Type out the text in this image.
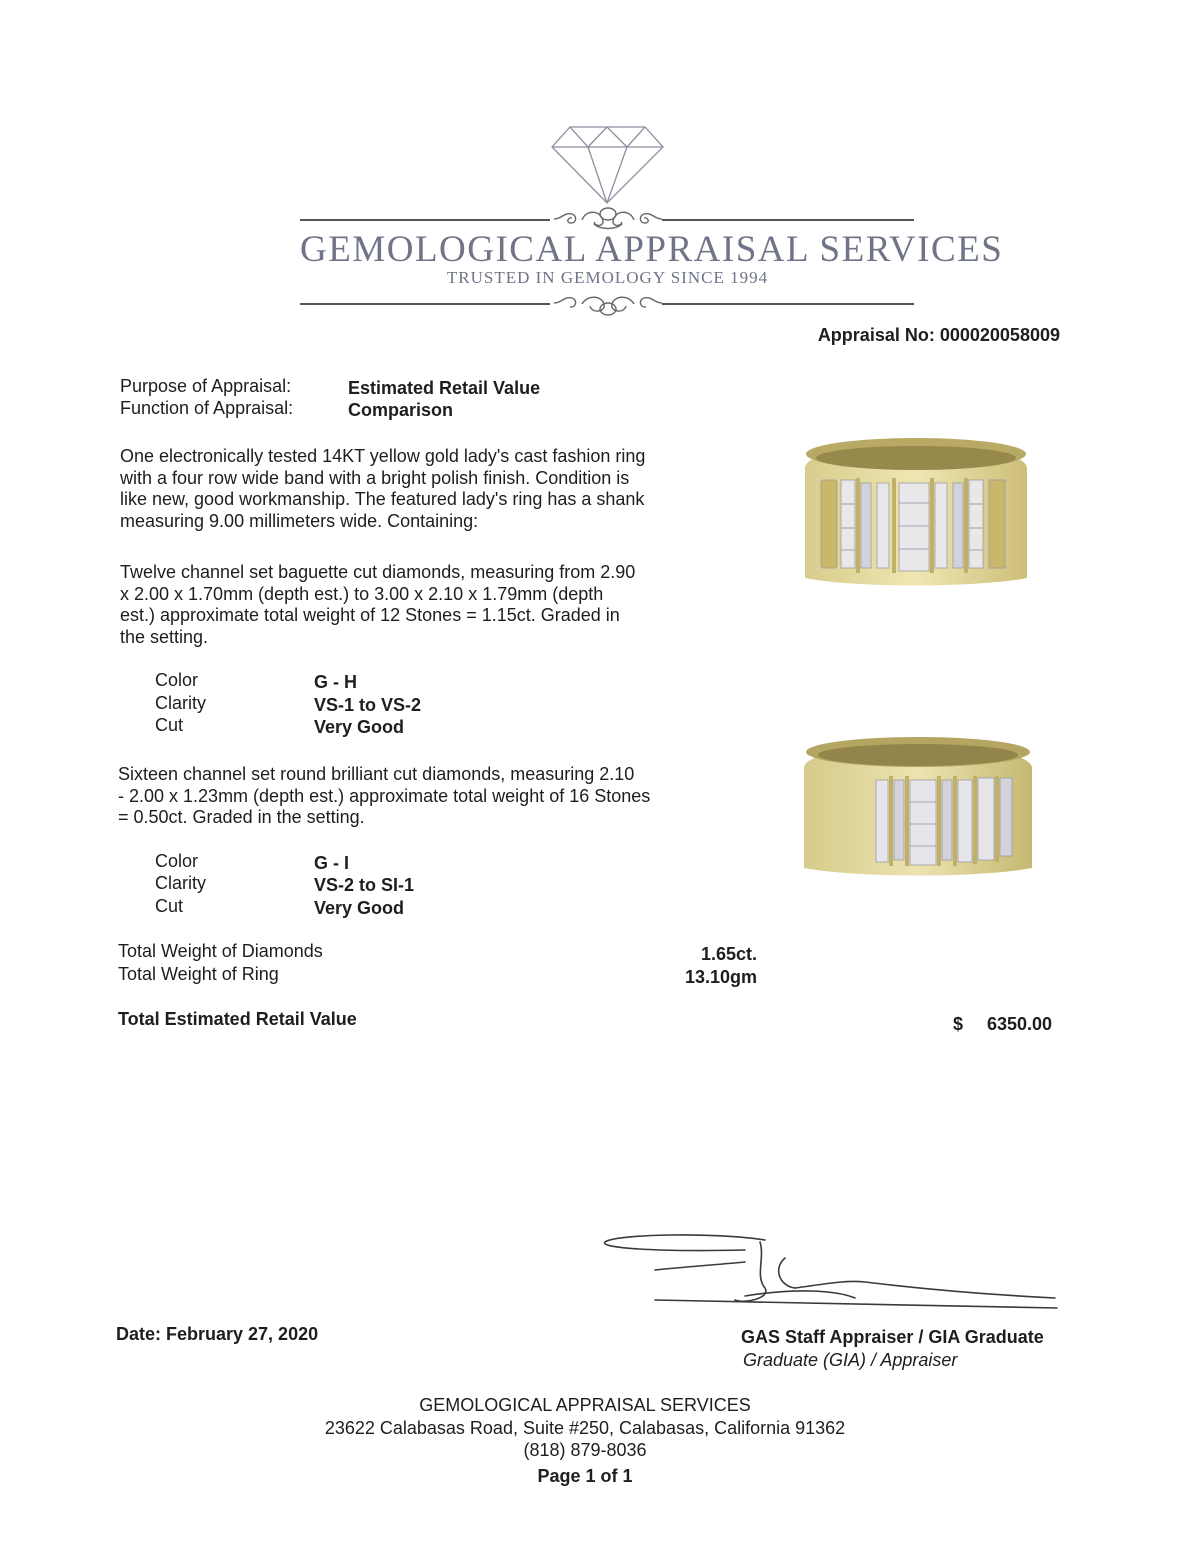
GEMOLOGICAL APPRAISAL SERVICES
TRUSTED IN GEMOLOGY SINCE 1994
Appraisal No: 000020058009
Purpose of Appraisal:	Estimated Retail Value
Function of Appraisal:	Comparison
One electronically tested 14KT yellow gold lady's cast fashion ring
with a four row wide band with a bright polish finish. Condition is
like new, good workmanship. The featured lady's ring has a shank
measuring 9.00 millimeters wide. Containing:
Twelve channel set baguette cut diamonds, measuring from 2.90
x 2.00 x 1.70mm (depth est.) to 3.00 x 2.10 x 1.79mm (depth
est.) approximate total weight of 12 Stones = 1.15ct. Graded in
the setting.
Color	G - H
Clarity	VS-1 to VS-2
Cut	Very Good
Sixteen channel set round brilliant cut diamonds, measuring 2.10
- 2.00 x 1.23mm (depth est.) approximate total weight of 16 Stones
= 0.50ct. Graded in the setting.
Color	G - I
Clarity	VS-2 to SI-1
Cut	Very Good
Total Weight of Diamonds	1.65ct.
Total Weight of Ring	13.10gm
Total Estimated Retail Value	$ 6350.00
Date: February 27, 2020	GAS Staff Appraiser / GIA Graduate
Graduate (GIA) / Appraiser
GEMOLOGICAL APPRAISAL SERVICES
23622 Calabasas Road, Suite #250, Calabasas, California 91362
(818) 879-8036
Page 1 of 1
